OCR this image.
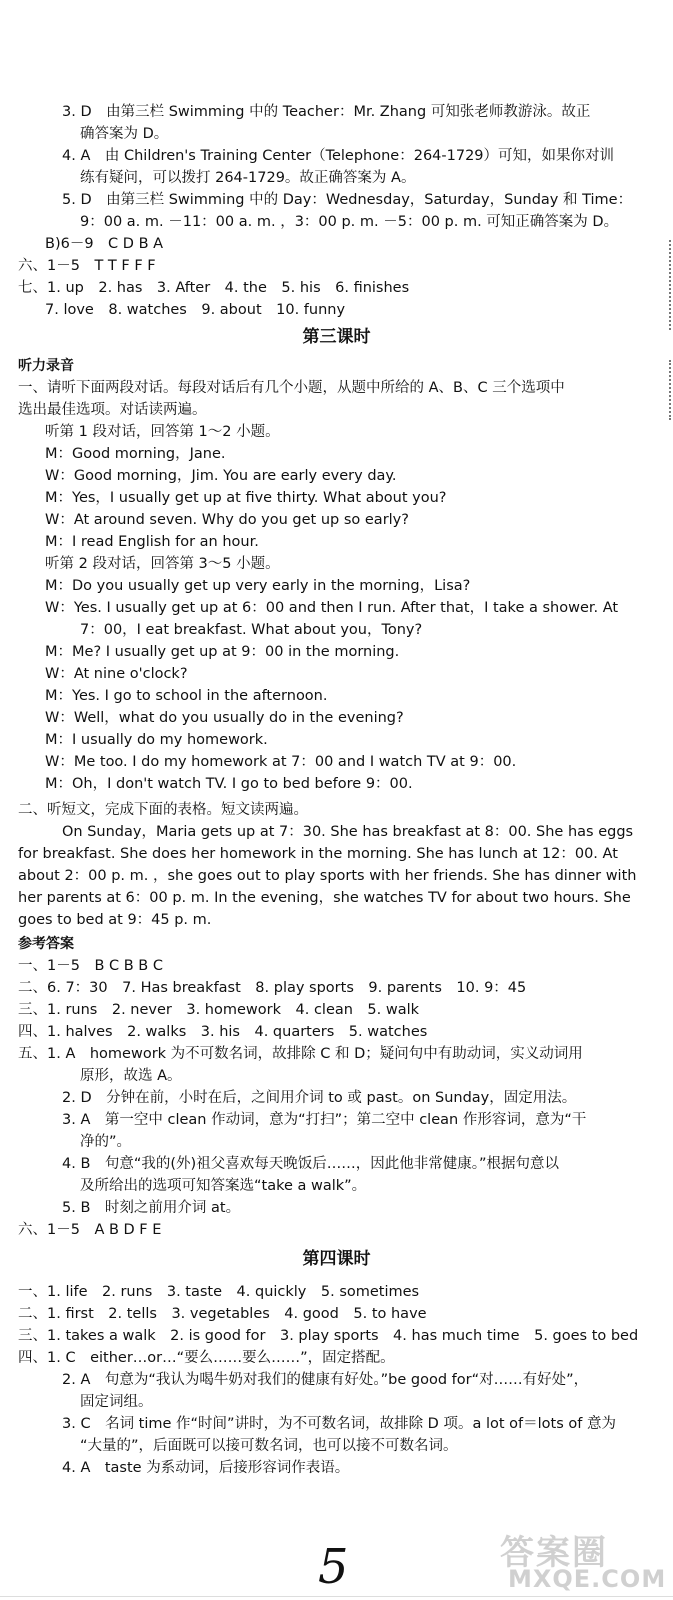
3. D　由第三栏 Swimming 中的 Teacher：Mr. Zhang 可知张老师教游泳。故正
确答案为 D。
4. A　由 Children's Training Center（Telephone：264-1729）可知，如果你对训
练有疑问，可以拨打 264-1729。故正确答案为 A。
5. D　由第三栏 Swimming 中的 Day：Wednesday，Saturday，Sunday 和 Time：
9：00 a. m. －11：00 a. m. ，3：00 p. m. －5：00 p. m. 可知正确答案为 D。
B)6－9　C D B A
六、1－5　T T F F F
七、1. up　2. has　3. After　4. the　5. his　6. finishes
7. love　8. watches　9. about　10. funny
第三课时
听力录音
一、请听下面两段对话。每段对话后有几个小题，从题中所给的 A、B、C 三个选项中
选出最佳选项。对话读两遍。
听第 1 段对话，回答第 1～2 小题。
M：Good morning，Jane.
W：Good morning，Jim. You are early every day.
M：Yes，I usually get up at five thirty. What about you?
W：At around seven. Why do you get up so early?
M：I read English for an hour.
听第 2 段对话，回答第 3～5 小题。
M：Do you usually get up very early in the morning，Lisa?
W：Yes. I usually get up at 6：00 and then I run. After that，I take a shower. At
7：00，I eat breakfast. What about you，Tony?
M：Me? I usually get up at 9：00 in the morning.
W：At nine o'clock?
M：Yes. I go to school in the afternoon.
W：Well，what do you usually do in the evening?
M：I usually do my homework.
W：Me too. I do my homework at 7：00 and I watch TV at 9：00.
M：Oh，I don't watch TV. I go to bed before 9：00.
二、听短文，完成下面的表格。短文读两遍。
On Sunday，Maria gets up at 7：30. She has breakfast at 8：00. She has eggs
for breakfast. She does her homework in the morning. She has lunch at 12：00. At
about 2：00 p. m. ，she goes out to play sports with her friends. She has dinner with
her parents at 6：00 p. m. In the evening，she watches TV for about two hours. She
goes to bed at 9：45 p. m.
参考答案
一、1－5　B C B B C
二、6. 7：30　7. Has breakfast　8. play sports　9. parents　10. 9：45
三、1. runs　2. never　3. homework　4. clean　5. walk
四、1. halves　2. walks　3. his　4. quarters　5. watches
五、1. A　homework 为不可数名词，故排除 C 和 D；疑问句中有助动词，实义动词用
原形，故选 A。
2. D　分钟在前，小时在后，之间用介词 to 或 past。on Sunday，固定用法。
3. A　第一空中 clean 作动词，意为“打扫”；第二空中 clean 作形容词，意为“干
净的”。
4. B　句意“我的(外)祖父喜欢每天晚饭后……，因此他非常健康。”根据句意以
及所给出的选项可知答案选“take a walk”。
5. B　时刻之前用介词 at。
六、1－5　A B D F E
第四课时
一、1. life　2. runs　3. taste　4. quickly　5. sometimes
二、1. first　2. tells　3. vegetables　4. good　5. to have
三、1. takes a walk　2. is good for　3. play sports　4. has much time　5. goes to bed
四、1. C　either…or…“要么……要么……”，固定搭配。
2. A　句意为“我认为喝牛奶对我们的健康有好处。”be good for“对……有好处”，
固定词组。
3. C　名词 time 作“时间”讲时，为不可数名词，故排除 D 项。a lot of＝lots of 意为
“大量的”，后面既可以接可数名词，也可以接不可数名词。
4. A　taste 为系动词，后接形容词作表语。
5	答案圈
MXQE.COM
